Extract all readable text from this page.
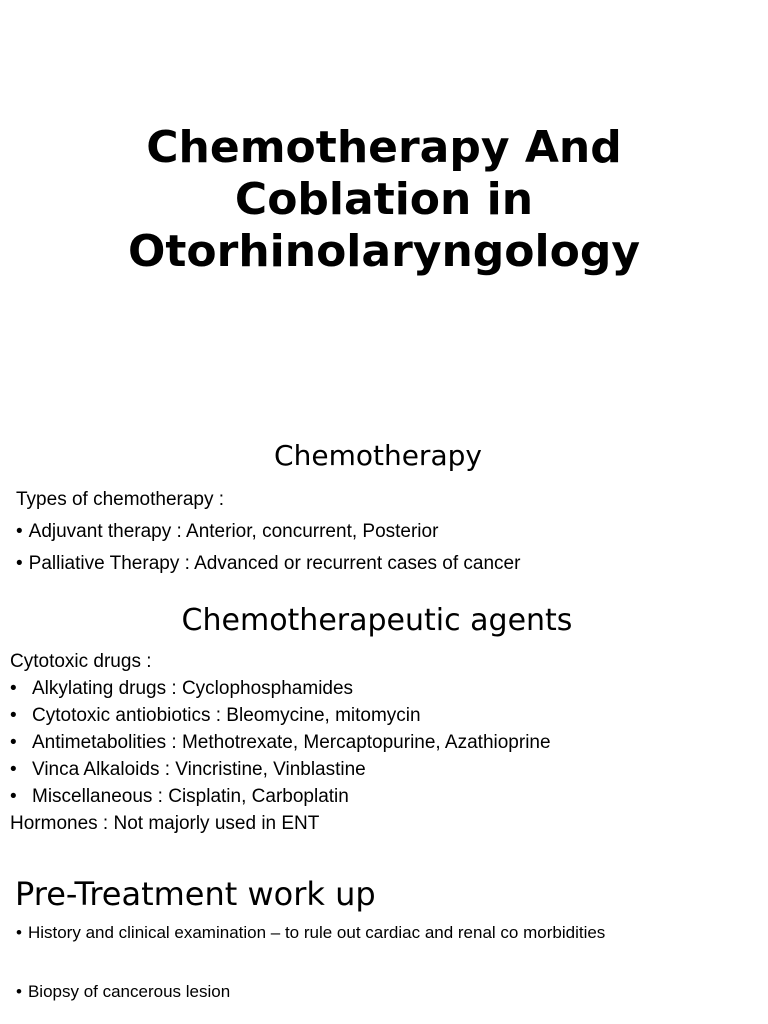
Chemotherapy And
Coblation in
Otorhinolaryngology
Chemotherapy
Types of chemotherapy :
• Adjuvant therapy : Anterior, concurrent, Posterior
• Palliative Therapy : Advanced or recurrent cases of cancer
Chemotherapeutic agents
Cytotoxic drugs :
• Alkylating drugs : Cyclophosphamides
• Cytotoxic antiobiotics : Bleomycine, mitomycin
• Antimetabolities : Methotrexate, Mercaptopurine, Azathioprine
• Vinca Alkaloids : Vincristine, Vinblastine
• Miscellaneous : Cisplatin, Carboplatin
Hormones : Not majorly used in ENT
Pre-Treatment work up
• History and clinical examination – to rule out cardiac and renal co morbidities
• Biopsy of cancerous lesion
